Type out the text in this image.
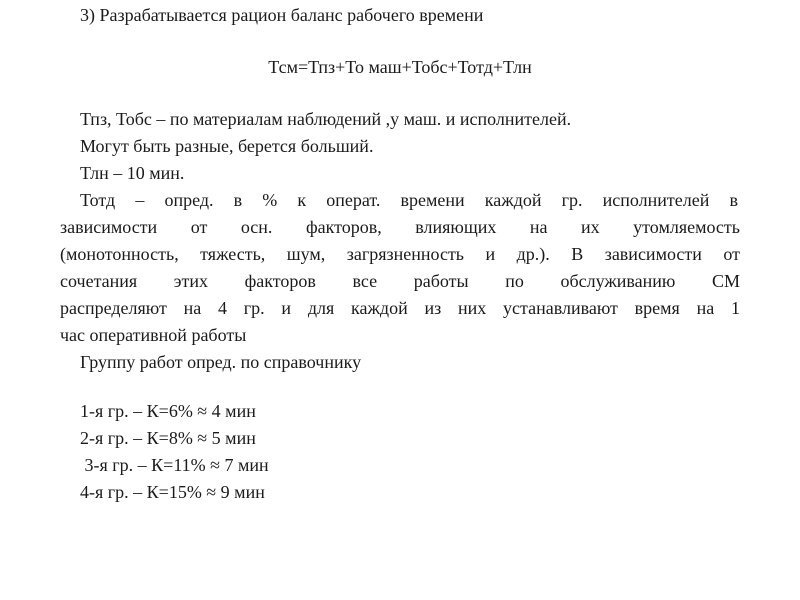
3) Разрабатывается рацион баланс рабочего времени
Тсм=Тпз+То маш+Тобс+Тотд+Тлн
Тпз, Тобс – по материалам наблюдений ,у маш. и исполнителей.
Могут быть разные, берется больший.
Тлн – 10 мин.
Тотд – опред. в % к операт. времени каждой гр. исполнителей в
зависимости от осн. факторов, влияющих на их утомляемость
(монотонность, тяжесть, шум, загрязненность и др.). В зависимости от
сочетания этих факторов все работы по обслуживанию СМ
распределяют на 4 гр. и для каждой из них устанавливают время на 1
час оперативной работы
Группу работ опред. по справочнику
1-я гр. – К=6% ≈ 4 мин
2-я гр. – К=8% ≈ 5 мин
3-я гр. – К=11% ≈ 7 мин
4-я гр. – К=15% ≈ 9 мин
